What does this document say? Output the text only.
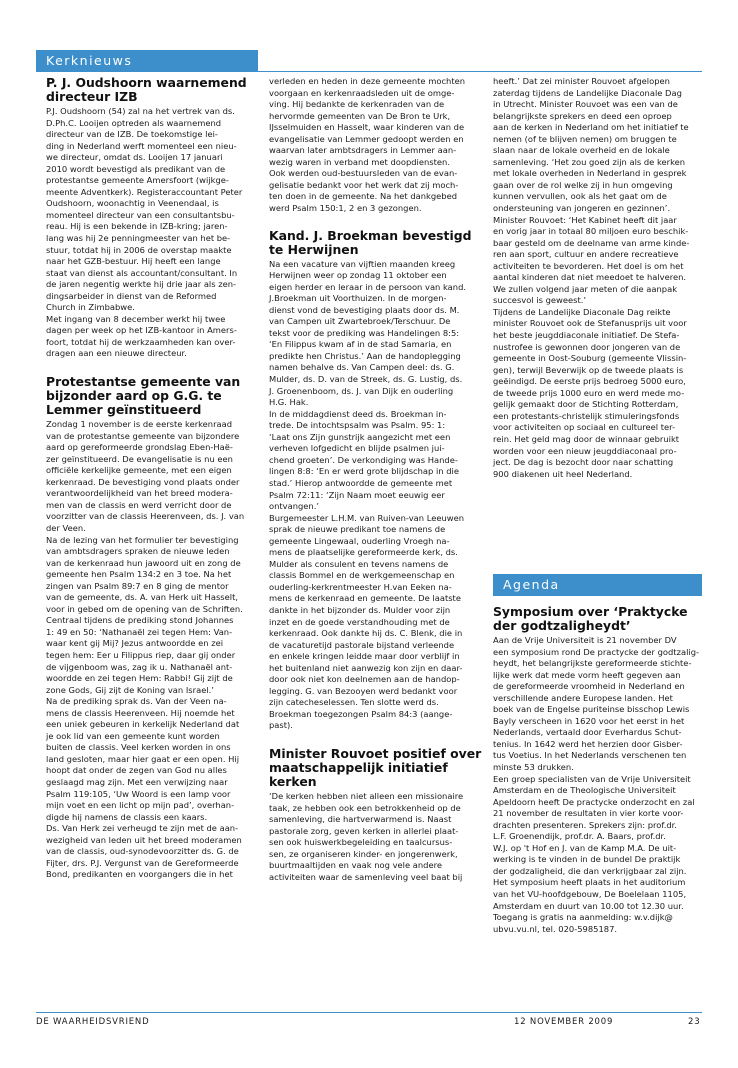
Kerknieuws
P. J. Oudshoorn waarnemend directeur IZB

P.J. Oudshoorn (54) zal na het vertrek van ds.
D.Ph.C. Looijen optreden als waarnemend
directeur van de IZB. De toekomstige lei-
ding in Nederland werft momenteel een nieu-
we directeur, omdat ds. Looijen 17 januari
2010 wordt bevestigd als predikant van de
protestantse gemeente Amersfoort (wijkge-
meente Adventkerk). Registeraccountant Peter
Oudshoorn, woonachtig in Veenendaal, is
momenteel directeur van een consultantsbu-
reau. Hij is een bekende in IZB-kring; jaren-
lang was hij 2e penningmeester van het be-
stuur, totdat hij in 2006 de overstap maakte
naar het GZB-bestuur. Hij heeft een lange
staat van dienst als accountant/consultant. In
de jaren negentig werkte hij drie jaar als zen-
dingsarbeider in dienst van de Reformed
Church in Zimbabwe.
Met ingang van 8 december werkt hij twee
dagen per week op het IZB-kantoor in Amers-
foort, totdat hij de werkzaamheden kan over-
dragen aan een nieuwe directeur.

Protestantse gemeente van bijzonder aard op G.G. te Lemmer geïnstitueerd

Zondag 1 november is de eerste kerkenraad
van de protestantse gemeente van bijzondere
aard op gereformeerde grondslag Eben-Haë-
zer geïnstitueerd. De evangelisatie is nu een
officiële kerkelijke gemeente, met een eigen
kerkenraad. De bevestiging vond plaats onder
verantwoordelijkheid van het breed modera-
men van de classis en werd verricht door de
voorzitter van de classis Heerenveen, ds. J. van
der Veen.
Na de lezing van het formulier ter bevestiging
van ambtsdragers spraken de nieuwe leden
van de kerkenraad hun jawoord uit en zong de
gemeente hen Psalm 134:2 en 3 toe. Na het
zingen van Psalm 89:7 en 8 ging de mentor
van de gemeente, ds. A. van Herk uit Hasselt,
voor in gebed om de opening van de Schriften.
Centraal tijdens de prediking stond Johannes
1: 49 en 50: ‘Nathanaël zei tegen Hem: Van-
waar kent gij Mij? Jezus antwoordde en zei
tegen hem: Eer u Filippus riep, daar gij onder
de vijgenboom was, zag ik u. Nathanaël ant-
woordde en zei tegen Hem: Rabbi! Gij zijt de
zone Gods, Gij zijt de Koning van Israel.’
Na de prediking sprak ds. Van der Veen na-
mens de classis Heerenveen. Hij noemde het
een uniek gebeuren in kerkelijk Nederland dat
je ook lid van een gemeente kunt worden
buiten de classis. Veel kerken worden in ons
land gesloten, maar hier gaat er een open. Hij
hoopt dat onder de zegen van God nu alles
geslaagd mag zijn. Met een verwijzing naar
Psalm 119:105, ‘Uw Woord is een lamp voor
mijn voet en een licht op mijn pad’, overhan-
digde hij namens de classis een kaars.
Ds. Van Herk zei verheugd te zijn met de aan-
wezigheid van leden uit het breed moderamen
van de classis, oud-synodevoorzitter ds. G. de
Fijter, drs. P.J. Vergunst van de Gereformeerde
Bond, predikanten en voorgangers die in het

verleden en heden in deze gemeente mochten
voorgaan en kerkenraadsleden uit de omge-
ving. Hij bedankte de kerkenraden van de
hervormde gemeenten van De Bron te Urk,
IJsselmuiden en Hasselt, waar kinderen van de
evangelisatie van Lemmer gedoopt werden en
waarvan later ambtsdragers in Lemmer aan-
wezig waren in verband met doopdiensten.
Ook werden oud-bestuursleden van de evan-
gelisatie bedankt voor het werk dat zij moch-
ten doen in de gemeente. Na het dankgebed
werd Psalm 150:1, 2 en 3 gezongen.

Kand. J. Broekman bevestigd te Herwijnen

Na een vacature van vijftien maanden kreeg
Herwijnen weer op zondag 11 oktober een
eigen herder en leraar in de persoon van kand.
J.Broekman uit Voorthuizen. In de morgen-
dienst vond de bevestiging plaats door ds. M.
van Campen uit Zwartebroek/Terschuur. De
tekst voor de prediking was Handelingen 8:5:
‘En Filippus kwam af in de stad Samaria, en
predikte hen Christus.’ Aan de handoplegging
namen behalve ds. Van Campen deel: ds. G.
Mulder, ds. D. van de Streek, ds. G. Lustig, ds.
J. Groenenboom, ds. J. van Dijk en ouderling
H.G. Hak.
In de middagdienst deed ds. Broekman in-
trede. De intochtspsalm was Psalm. 95: 1:
‘Laat ons Zijn gunstrijk aangezicht met een
verheven lofgedicht en blijde psalmen jui-
chend groeten’. De verkondiging was Hande-
lingen 8:8: ‘En er werd grote blijdschap in die
stad.’ Hierop antwoordde de gemeente met
Psalm 72:11: ‘Zijn Naam moet eeuwig eer
ontvangen.’
Burgemeester L.H.M. van Ruiven-van Leeuwen
sprak de nieuwe predikant toe namens de
gemeente Lingewaal, ouderling Vroegh na-
mens de plaatselijke gereformeerde kerk, ds.
Mulder als consulent en tevens namens de
classis Bommel en de werkgemeenschap en
ouderling-kerkrentmeester H.van Eeken na-
mens de kerkenraad en gemeente. De laatste
dankte in het bijzonder ds. Mulder voor zijn
inzet en de goede verstandhouding met de
kerkenraad. Ook dankte hij ds. C. Blenk, die in
de vacaturetijd pastorale bijstand verleende
en enkele kringen leidde maar door verblijf in
het buitenland niet aanwezig kon zijn en daar-
door ook niet kon deelnemen aan de handop-
legging. G. van Bezooyen werd bedankt voor
zijn catecheselessen. Ten slotte werd ds.
Broekman toegezongen Psalm 84:3 (aange-
past).

Minister Rouvoet positief over maatschappelijk initiatief kerken

‘De kerken hebben niet alleen een missionaire
taak, ze hebben ook een betrokkenheid op de
samenleving, die hartverwarmend is. Naast
pastorale zorg, geven kerken in allerlei plaat-
sen ook huiswerkbegeleiding en taalcursus-
sen, ze organiseren kinder- en jongerenwerk,
buurtmaaltijden en vaak nog vele andere
activiteiten waar de samenleving veel baat bij

heeft.’ Dat zei minister Rouvoet afgelopen
zaterdag tijdens de Landelijke Diaconale Dag
in Utrecht. Minister Rouvoet was een van de
belangrijkste sprekers en deed een oproep
aan de kerken in Nederland om het initiatief te
nemen (of te blijven nemen) om bruggen te
slaan naar de lokale overheid en de lokale
samenleving. ‘Het zou goed zijn als de kerken
met lokale overheden in Nederland in gesprek
gaan over de rol welke zij in hun omgeving
kunnen vervullen, ook als het gaat om de
ondersteuning van jongeren en gezinnen’.
Minister Rouvoet: ‘Het Kabinet heeft dit jaar
en vorig jaar in totaal 80 miljoen euro beschik-
baar gesteld om de deelname van arme kinde-
ren aan sport, cultuur en andere recreatieve
activiteiten te bevorderen. Het doel is om het
aantal kinderen dat niet meedoet te halveren.
We zullen volgend jaar meten of die aanpak
succesvol is geweest.’
Tijdens de Landelijke Diaconale Dag reikte
minister Rouvoet ook de Stefanusprijs uit voor
het beste jeugddiaconale initiatief. De Stefa-
nustrofee is gewonnen door jongeren van de
gemeente in Oost-Souburg (gemeente Vlissin-
gen), terwijl Beverwijk op de tweede plaats is
geëindigd. De eerste prijs bedroeg 5000 euro,
de tweede prijs 1000 euro en werd mede mo-
gelijk gemaakt door de Stichting Rotterdam,
een protestants-christelijk stimuleringsfonds
voor activiteiten op sociaal en cultureel ter-
rein. Het geld mag door de winnaar gebruikt
worden voor een nieuw jeugddiaconaal pro-
ject. De dag is bezocht door naar schatting
900 diakenen uit heel Nederland.

Agenda
Symposium over ‘Praktycke der godtzaligheydt’

Aan de Vrije Universiteit is 21 november DV
een symposium rond De practycke der godtzalig-
heydt, het belangrijkste gereformeerde stichte-
lijke werk dat mede vorm heeft gegeven aan
de gereformeerde vroomheid in Nederland en
verschillende andere Europese landen. Het
boek van de Engelse puriteinse bisschop Lewis
Bayly verscheen in 1620 voor het eerst in het
Nederlands, vertaald door Everhardus Schut-
tenius. In 1642 werd het herzien door Gisber-
tus Voetius. In het Nederlands verschenen ten
minste 53 drukken.
Een groep specialisten van de Vrije Universiteit
Amsterdam en de Theologische Universiteit
Apeldoorn heeft De practycke onderzocht en zal
21 november de resultaten in vier korte voor-
drachten presenteren. Sprekers zijn: prof.dr.
L.F. Groenendijk, prof.dr. A. Baars, prof.dr.
W.J. op 't Hof en J. van de Kamp M.A. De uit-
werking is te vinden in de bundel De praktijk
der godzaligheid, die dan verkrijgbaar zal zijn.
Het symposium heeft plaats in het auditorium
van het VU-hoofdgebouw, De Boelelaan 1105,
Amsterdam en duurt van 10.00 tot 12.30 uur.
Toegang is gratis na aanmelding: w.v.dijk@
ubvu.vu.nl, tel. 020-5985187.

DE WAARHEIDSVRIEND	12 NOVEMBER 2009	23
